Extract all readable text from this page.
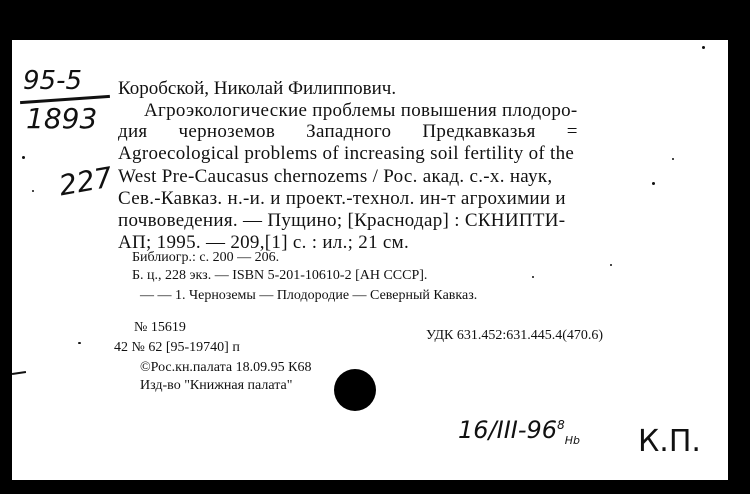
95-5
1893
227
Коробской, Николай Филиппович.
Агроэкологические проблемы повышения плодоро-
дия черноземов Западного Предкавказья =
Agroecological problems of increasing soil fertility of the
West Pre-Caucasus chernozems / Рос. акад. с.-х. наук,
Сев.-Кавказ. н.-и. и проект.-технол. ин-т агрохимии и
почвоведения. — Пущино; [Краснодар] : СКНИПТИ-
АП; 1995. — 209,[1] с. : ил.; 21 см.
Библиогр.: с. 200 — 206.
Б. ц., 228 экз. — ISBN 5-201-10610-2 [АН СССР].
— — 1. Черноземы — Плодородие — Северный Кавказ.
№ 15619
УДК 631.452:631.445.4(470.6)
42 № 62 [95-19740] п
©Рос.кн.палата 18.09.95 К68
Изд-во "Книжная палата"
$16/III-96^8_{Hb}$ К.П.
